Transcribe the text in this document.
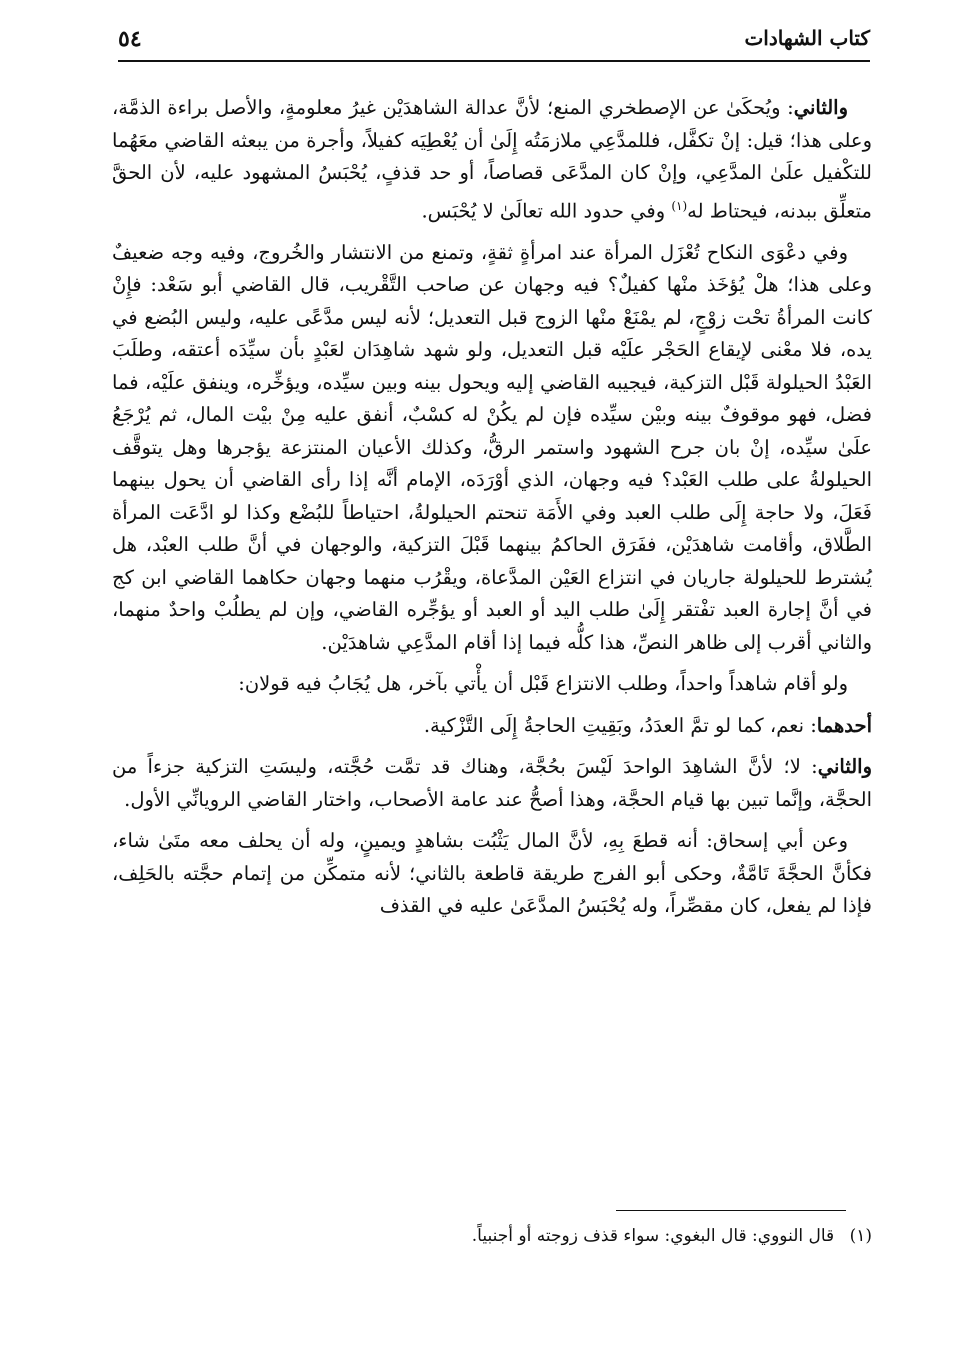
كتاب الشهادات
٥٤

والثاني: ويُحكَىٰ عن الإصطخري المنع؛ لأنَّ عدالة الشاهدَيْن غيرُ معلومةٍ، والأصل براءة الذمَّة، وعلى هذا؛ قيل: إنْ تكفَّل، فللمدَّعِي ملازمَتُه إِلَىٰ أن يُعْطِيَه كفيلاً، وأجرة من يبعثه القاضي معَهُما للتكْفيل علَىٰ المدَّعِي، وإنْ كان المدَّعَى قصاصاً، أو حد قذفٍ، يُحْبَسُ المشهود عليه، لأن الحقَّ متعلِّق ببدنه، فيحتاط له$^{(١)}$ وفي حدود الله تعالَىٰ لا يُحْبَس.

وفي دعْوَى النكاح تُعْزَل المرأة عند امرأةٍ ثقةٍ، وتمنع من الانتشار والخُروج، وفيه وجه ضعيفٌ وعلى هذا؛ هلْ يُؤخَذ منْها كفيلٌ؟ فيه وجهان عن صاحب التَّقْريب، قال القاضي أبو سَعْد: فإِنْ كانت المرأةُ تحْت زوْجٍ، لم يمْنَعْ منْها الزوج قبل التعديل؛ لأنه ليس مدَّعًى عليه، وليس البُضع في يده، فلا معْنى لإيقاع الحَجْر علَيْه قبل التعديل، ولو شهد شاهِدَان لعَبْدٍ بأن سيِّدَه أعتقه، وطلَبَ العَبْدُ الحيلولة قَبْل التزكية، فيجيبه القاضي إليه ويحول بينه وبين سيِّده، ويؤخِّره، وينفق علَيْه، فما فضل، فهو موقوفٌ بينه وبيْن سيِّده فإن لم يكُنْ له كسْبٌ، أنفق عليه مِنْ بيْت المال، ثم يُرْجَعُ علَىٰ سيِّده، إنْ بان جرح الشهود واستمر الرقُّ، وكذلك الأعيان المنتزعة يؤجرها وهل يتوقَّف الحيلولةُ على طلب العَبْد؟ فيه وجهان، الذي أوْرَدَه، الإمام أنَّه إذا رأى القاضي أن يحول بينهما فَعَلَ، ولا حاجة إِلَى طلب العبد وفي الأَمَة تنحتم الحيلولةُ، احتياطاً للبُضْع وكذا لو ادَّعَت المرأة الطَّلاق، وأقامت شاهدَيْن، ففَرَق الحاكمُ بينهما قَبْلَ التزكية، والوجهان في أنَّ طلب العبْد، هل يُشترط للحيلولة جاريان في انتزاع العَيْن المدَّعاة، ويقْرُب منهما وجهان حكاهما القاضي ابن كج في أنَّ إجارة العبد تفْتقر إِلَىٰ طلب اليد أو العبد أو يؤجِّره القاضي، وإن لم يطلُبْ واحدٌ منهما، والثاني أقرب إلى ظاهر النصِّ، هذا كلُّه فيما إذا أقام المدَّعِي شاهدَيْن.

ولو أقام شاهداً واحداً، وطلب الانتزاع قَبْل أن يأْتي بآخر، هل يُجَابُ فيه قولان:

أحدهما: نعم، كما لو تمَّ العدَدُ، وبَقِيتِ الحاجةُ إِلَى التَّزْكية.

والثاني: لا؛ لأنَّ الشاهِدَ الواحدَ لَيْسَ بحُجَّة، وهناك قد تمَّت حُجَّته، وليسَتِ التزكية جزءاً من الحجَّة، وإنَّما تبين بها قيام الحجَّة، وهذا أصحُّ عند عامة الأصحاب، واختار القاضي الرويانِّي الأول.

وعن أبي إسحاق: أنه قطعَ بِهِ، لأنَّ المال يَثْبُت بشاهدٍ ويمينٍ، وله أن يحلف معه متَىٰ شاء، فكأنَّ الحجَّةَ تَامَّةٌ، وحكى أبو الفرج طريقة قاطعة بالثاني؛ لأنه متمكِّن من إتمام حجَّته بالحَلِف، فإذا لم يفعل، كان مقصِّراً، وله يُحْبَسُ المدَّعَىٰ عليه في القذف

(١) قال النووي: قال البغوي: سواء قذف زوجته أو أجنبياً.
